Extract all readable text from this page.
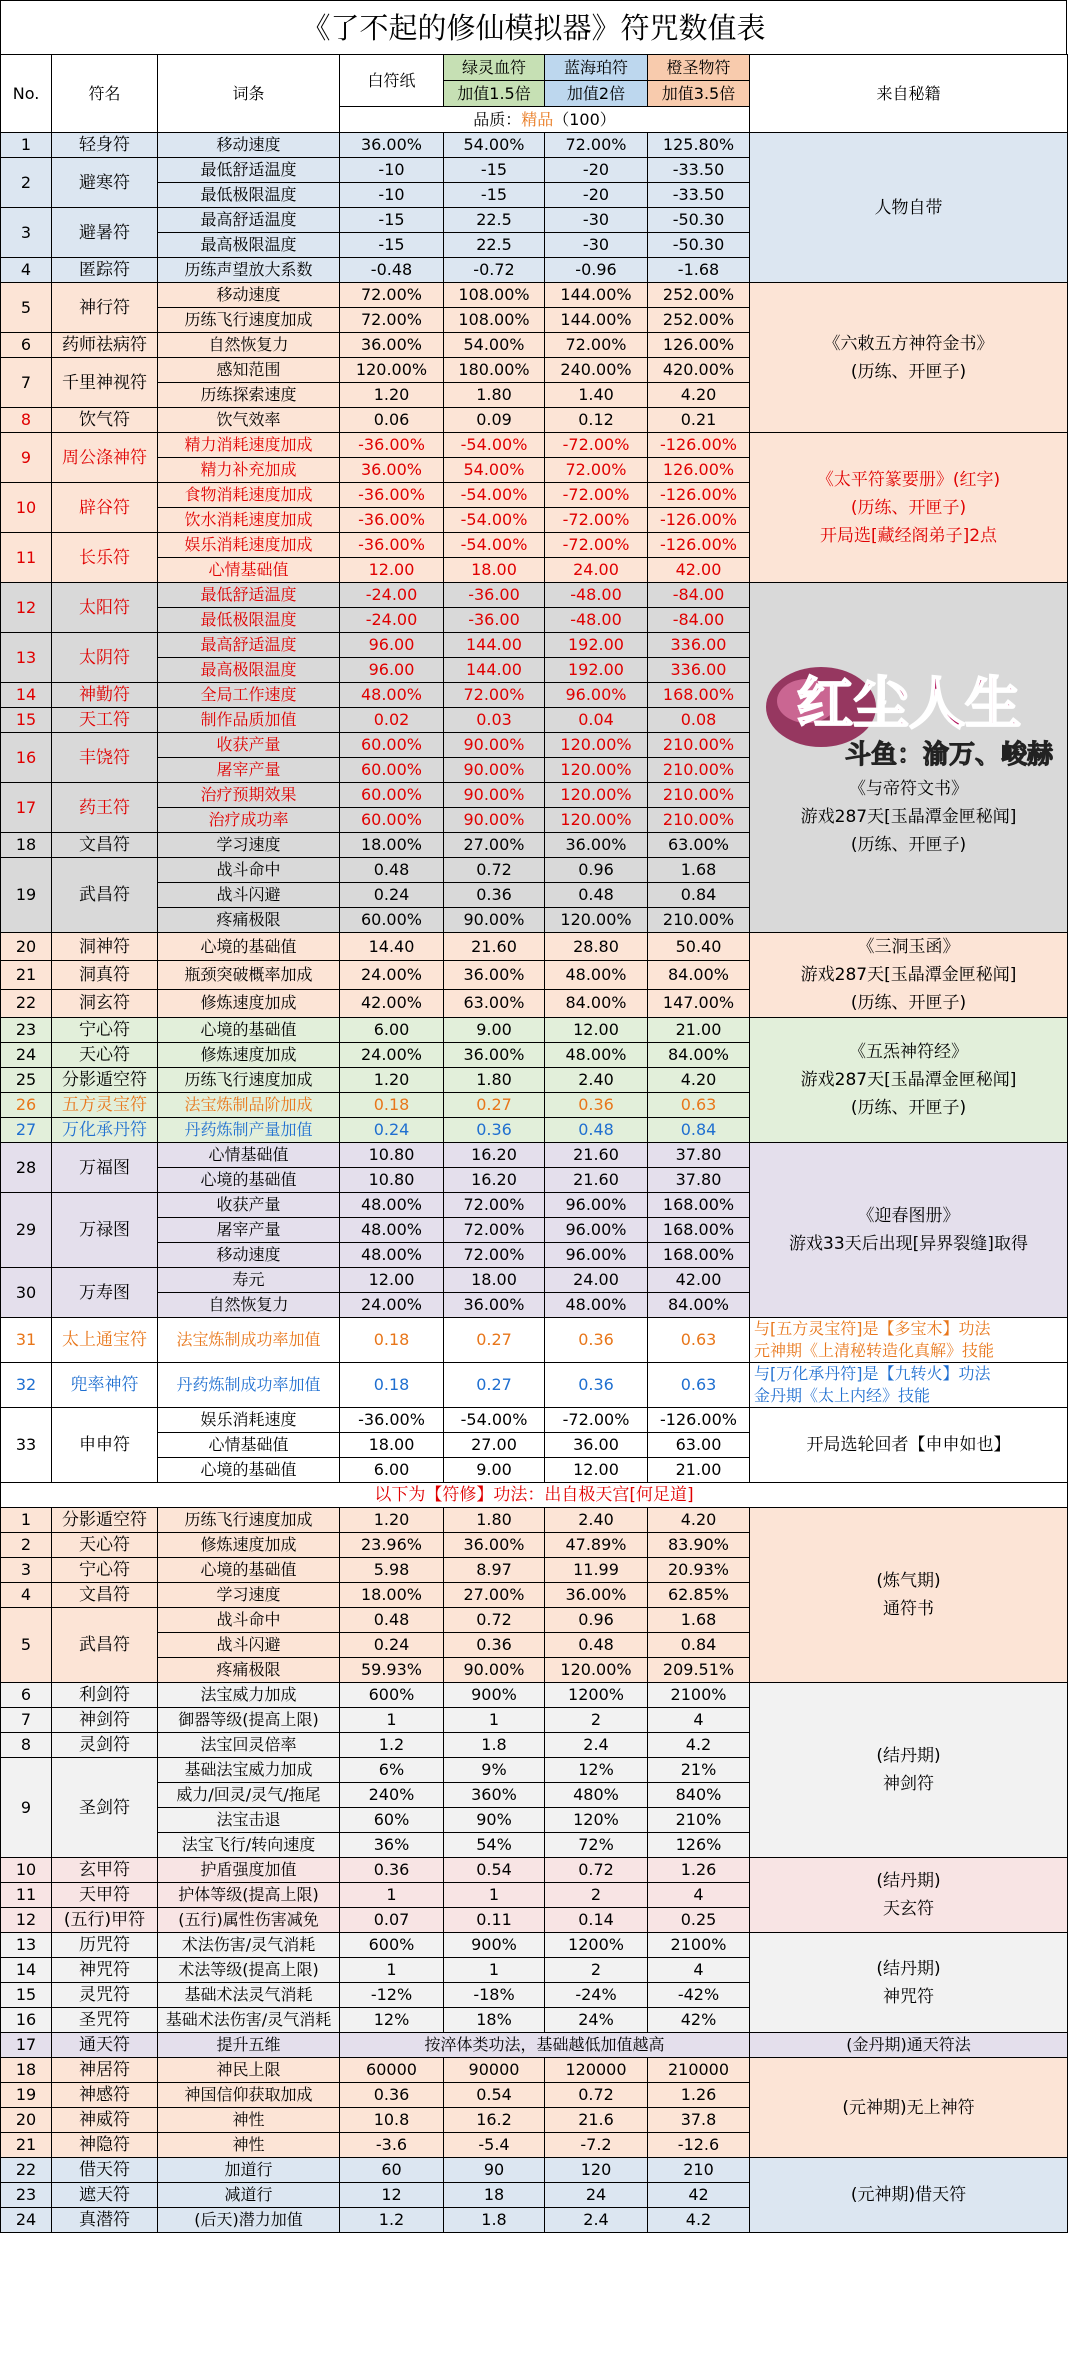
《了不起的修仙模拟器》符咒数值表
No.	符名	词条	白符纸	绿灵血符	蓝海珀符	橙圣物符	来自秘籍
				加值1.5倍	加值2倍	加值3.5倍	
			品质：精品（100）				
1	轻身符	移动速度	36.00%	54.00%	72.00%	125.80%	人物自带

2	避寒符	最低舒适温度	-10	-15	-20	-33.50	
		最低极限温度	-10	-15	-20	-33.50	
3	避暑符	最高舒适温度	-15	22.5	-30	-50.30	
		最高极限温度	-15	22.5	-30	-50.30	
4	匿踪符	历练声望放大系数	-0.48	-0.72	-0.96	-1.68	
5	神行符	移动速度	72.00%	108.00%	144.00%	252.00%	《六敕五方神符金书》
(历练、开匣子)

		历练飞行速度加成	72.00%	108.00%	144.00%	252.00%	
6	药师祛病符	自然恢复力	36.00%	54.00%	72.00%	126.00%	
7	千里神视符	感知范围	120.00%	180.00%	240.00%	420.00%	
		历练探索速度	1.20	1.80	1.40	4.20	
8	饮气符	饮气效率	0.06	0.09	0.12	0.21	
9	周公涤神符	精力消耗速度加成	-36.00%	-54.00%	-72.00%	-126.00%	《太平符篆要册》(红字)
(历练、开匣子)
开局选[藏经阁弟子]2点

		精力补充加成	36.00%	54.00%	72.00%	126.00%	
10	辟谷符	食物消耗速度加成	-36.00%	-54.00%	-72.00%	-126.00%	
		饮水消耗速度加成	-36.00%	-54.00%	-72.00%	-126.00%	
11	长乐符	娱乐消耗速度加成	-36.00%	-54.00%	-72.00%	-126.00%	
		心情基础值	12.00	18.00	24.00	42.00	
12	太阳符	最低舒适温度	-24.00	-36.00	-48.00	-84.00	红尘人生
斗鱼：渝万、峻赫
《与帝符文书》
游戏287天[玉晶潭金匣秘闻]
(历练、开匣子)

		最低极限温度	-24.00	-36.00	-48.00	-84.00	
13	太阴符	最高舒适温度	96.00	144.00	192.00	336.00	
		最高极限温度	96.00	144.00	192.00	336.00	
14	神勤符	全局工作速度	48.00%	72.00%	96.00%	168.00%	
15	天工符	制作品质加值	0.02	0.03	0.04	0.08	
16	丰饶符	收获产量	60.00%	90.00%	120.00%	210.00%	
		屠宰产量	60.00%	90.00%	120.00%	210.00%	
17	药王符	治疗预期效果	60.00%	90.00%	120.00%	210.00%	
		治疗成功率	60.00%	90.00%	120.00%	210.00%	
18	文昌符	学习速度	18.00%	27.00%	36.00%	63.00%	
19	武昌符	战斗命中	0.48	0.72	0.96	1.68	
		战斗闪避	0.24	0.36	0.48	0.84	
		疼痛极限	60.00%	90.00%	120.00%	210.00%	
20	洞神符	心境的基础值	14.40	21.60	28.80	50.40	《三洞玉函》
游戏287天[玉晶潭金匣秘闻]
(历练、开匣子)

21	洞真符	瓶颈突破概率加成	24.00%	36.00%	48.00%	84.00%	
22	洞玄符	修炼速度加成	42.00%	63.00%	84.00%	147.00%	
23	宁心符	心境的基础值	6.00	9.00	12.00	21.00	《五炁神符经》
游戏287天[玉晶潭金匣秘闻]
(历练、开匣子)

24	天心符	修炼速度加成	24.00%	36.00%	48.00%	84.00%	
25	分影遁空符	历练飞行速度加成	1.20	1.80	2.40	4.20	
26	五方灵宝符	法宝炼制品阶加成	0.18	0.27	0.36	0.63	
27	万化承丹符	丹药炼制产量加值	0.24	0.36	0.48	0.84	
28	万福图	心情基础值	10.80	16.20	21.60	37.80	《迎春图册》
游戏33天后出现[异界裂缝]取得

		心境的基础值	10.80	16.20	21.60	37.80	
29	万禄图	收获产量	48.00%	72.00%	96.00%	168.00%	
		屠宰产量	48.00%	72.00%	96.00%	168.00%	
		移动速度	48.00%	72.00%	96.00%	168.00%	
30	万寿图	寿元	12.00	18.00	24.00	42.00	
		自然恢复力	24.00%	36.00%	48.00%	84.00%	
31	太上通宝符	法宝炼制成功率加值	0.18	0.27	0.36	0.63	与[五方灵宝符]是【多宝木】功法
元神期《上清秘转造化真解》技能

32	兜率神符	丹药炼制成功率加值	0.18	0.27	0.36	0.63	与[万化承丹符]是【九转火】功法
金丹期《太上内经》技能

33	申申符	娱乐消耗速度	-36.00%	-54.00%	-72.00%	-126.00%	开局选轮回者【申申如也】

		心情基础值	18.00	27.00	36.00	63.00	
		心境的基础值	6.00	9.00	12.00	21.00	
以下为【符修】功法：出自极天宫[何足道]							
1	分影遁空符	历练飞行速度加成	1.20	1.80	2.40	4.20	(炼气期)
通符书

2	天心符	修炼速度加成	23.96%	36.00%	47.89%	83.90%	
3	宁心符	心境的基础值	5.98	8.97	11.99	20.93%	
4	文昌符	学习速度	18.00%	27.00%	36.00%	62.85%	
5	武昌符	战斗命中	0.48	0.72	0.96	1.68	
		战斗闪避	0.24	0.36	0.48	0.84	
		疼痛极限	59.93%	90.00%	120.00%	209.51%	
6	利剑符	法宝威力加成	600%	900%	1200%	2100%	(结丹期)
神剑符

7	神剑符	御器等级(提高上限)	1	1	2	4	
8	灵剑符	法宝回灵倍率	1.2	1.8	2.4	4.2	
9	圣剑符	基础法宝威力加成	6%	9%	12%	21%	
		威力/回灵/灵气/拖尾	240%	360%	480%	840%	
		法宝击退	60%	90%	120%	210%	
		法宝飞行/转向速度	36%	54%	72%	126%	
10	玄甲符	护盾强度加值	0.36	0.54	0.72	1.26	(结丹期)
天玄符

11	天甲符	护体等级(提高上限)	1	1	2	4	
12	(五行)甲符	(五行)属性伤害减免	0.07	0.11	0.14	0.25	
13	历咒符	术法伤害/灵气消耗	600%	900%	1200%	2100%	(结丹期)
神咒符

14	神咒符	术法等级(提高上限)	1	1	2	4	
15	灵咒符	基础术法灵气消耗	-12%	-18%	-24%	-42%	
16	圣咒符	基础术法伤害/灵气消耗	12%	18%	24%	42%	
17	通天符	提升五维	按淬体类功法，基础越低加值越高				(金丹期)通天符法
18	神居符	神民上限	60000	90000	120000	210000	(元神期)无上神符

19	神感符	神国信仰获取加成	0.36	0.54	0.72	1.26	
20	神威符	神性	10.8	16.2	21.6	37.8	
21	神隐符	神性	-3.6	-5.4	-7.2	-12.6	
22	借天符	加道行	60	90	120	210	(元神期)借天符

23	遮天符	减道行	12	18	24	42	
24	真潜符	(后天)潜力加值	1.2	1.8	2.4	4.2	
